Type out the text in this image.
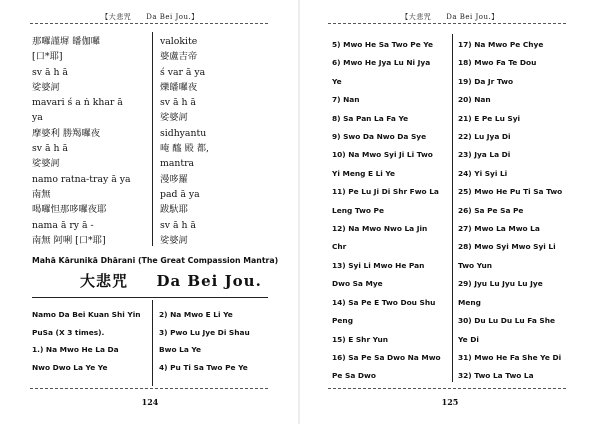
【大悲咒　　Da Bei Jou.】
那囉謹墀 皤伽囉
[口*耶]
sv ā h ā
娑婆訶
mavari ś a ṅ khar ā
ya
摩婆利 勝羯囉夜
sv ā h ā
娑婆訶
namo ratna-tray ā ya
南無
喝囉怛那哆囉夜耶
nama ā ry ā -
南無 阿唎 [口*耶]
valokite
婆盧吉帝
ś var ā ya
爍皤囉夜
sv ā h ā
娑婆訶
sidhyantu
唵 醯 殿 都,
mantra
漫哆羅
pad ā ya
跋馱耶
sv ā h ā
娑婆訶
Mahā Kārunikā Dhārani (The Great Compassion Mantra)
大悲咒 Da Bei Jou.
Namo Da Bei Kuan Shi Yin
PuSa (X 3 times).
1.) Na Mwo He La Da
Nwo Dwo La Ye Ye
2) Na Mwo E Li Ye
3) Pwo Lu Jye Di Shau
Bwo La Ye
4) Pu Ti Sa Two Pe Ye
124
【大悲咒　　Da Bei Jou.】
5) Mwo He Sa Two Pe Ye
6) Mwo He Jya Lu Ni Jya
Ye
7) Nan
8) Sa Pan La Fa Ye
9) Swo Da Nwo Da Sye
10) Na Mwo Syi Ji Li Two
Yi Meng E Li Ye
11) Pe Lu Ji Di Shr Fwo La
Leng Two Pe
12) Na Mwo Nwo La Jin
Chr
13) Syi Li Mwo He Pan
Dwo Sa Mye
14) Sa Pe E Two Dou Shu
Peng
15) E Shr Yun
16) Sa Pe Sa Dwo Na Mwo
Pe Sa Dwo
17) Na Mwo Pe Chye
18) Mwo Fa Te Dou
19) Da Jr Two
20) Nan
21) E Pe Lu Syi
22) Lu Jya Di
23) Jya La Di
24) Yi Syi Li
25) Mwo He Pu Ti Sa Two
26) Sa Pe Sa Pe
27) Mwo La Mwo La
28) Mwo Syi Mwo Syi Li
Two Yun
29) Jyu Lu Jyu Lu Jye
Meng
30) Du Lu Du Lu Fa She
Ye Di
31) Mwo He Fa She Ye Di
32) Two La Two La
125
